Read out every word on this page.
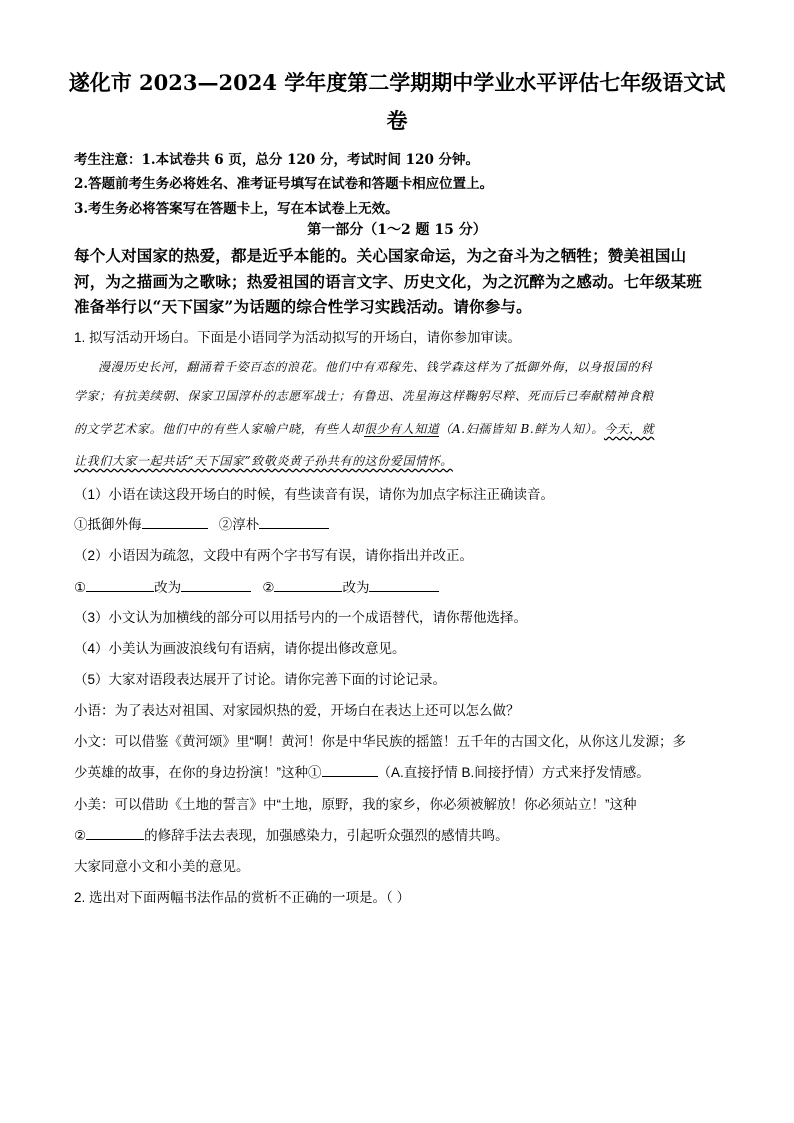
遂化市 2023—2024 学年度第二学期期中学业水平评估七年级语文试
卷
考生注意：1.本试卷共 6 页，总分 120 分，考试时间 120 分钟。
2.答题前考生务必将姓名、准考证号填写在试卷和答题卡相应位置上。
3.考生务必将答案写在答题卡上，写在本试卷上无效。
第一部分（1～2 题 15 分）
每个人对国家的热爱，都是近乎本能的。关心国家命运，为之奋斗为之牺牲；赞美祖国山
河，为之描画为之歌咏；热爱祖国的语言文字、历史文化，为之沉醉为之感动。七年级某班
准备举行以“天下国家”为话题的综合性学习实践活动。请你参与。
1. 拟写活动开场白。下面是小语同学为活动拟写的开场白，请你参加审读。
漫漫历史长河，翻涌着千姿百态的浪花。他们中有邓稼先、钱学森这样为了抵御外侮，以身报国的科
学家；有抗美续朝、保家卫国淳朴的志愿军战士；有鲁迅、冼星海这样鞠躬尽粹、死而后已奉献精神食粮
的文学艺术家。他们中的有些人家喻户晓，有些人却很少有人知道（A.妇孺皆知 B.鲜为人知）。今天，就
让我们大家一起共话“天下国家”致敬炎黄子孙共有的这份爱国情怀。
（1）小语在读这段开场白的时候，有些读音有误，请你为加点字标注正确读音。
①抵御外侮	②淳朴
（2）小语因为疏忽，文段中有两个字书写有误，请你指出并改正。
①	改为	②	改为
（3）小文认为加横线的部分可以用括号内的一个成语替代，请你帮他选择。
（4）小美认为画波浪线句有语病，请你提出修改意见。
（5）大家对语段表达展开了讨论。请你完善下面的讨论记录。
小语：为了表达对祖国、对家园炽热的爱，开场白在表达上还可以怎么做？
小文：可以借鉴《黄河颂》里“啊！黄河！你是中华民族的摇篮！五千年的古国文化，从你这儿发源；多
少英雄的故事，在你的身边扮演！”这种①	（A.直接抒情 B.间接抒情）方式来抒发情感。
小美：可以借助《土地的誓言》中“土地，原野，我的家乡，你必须被解放！你必须站立！”这种
②	的修辞手法去表现，加强感染力，引起听众强烈的感情共鸣。
大家同意小文和小美的意见。
2. 选出对下面两幅书法作品的赏析不正确的一项是。（ ）
